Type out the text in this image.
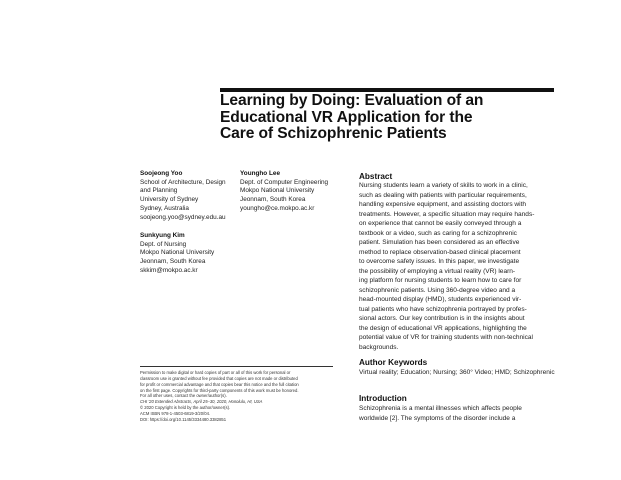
Learning by Doing: Evaluation of an
Educational VR Application for the
Care of Schizophrenic Patients
Soojeong Yoo
School of Architecture, Design
and Planning
University of Sydney
Sydney, Australia
soojeong.yoo@sydney.edu.au
Youngho Lee
Dept. of Computer Engineering
Mokpo National University
Jeonnam, South Korea
youngho@ce.mokpo.ac.kr
Sunkyung Kim
Dept. of Nursing
Mokpo National University
Jeonnam, South Korea
skkim@mokpo.ac.kr
Permission to make digital or hard copies of part or all of this work for personal or
classroom use is granted without fee provided that copies are not made or distributed
for profit or commercial advantage and that copies bear this notice and the full citation
on the first page. Copyrights for third-party components of this work must be honored.
For all other uses, contact the owner/author(s).
CHI '20 Extended Abstracts, April 25–30, 2020, Honolulu, HI, USA
© 2020 Copyright is held by the author/owner(s).
ACM ISBN 978-1-4503-6819-3/20/04.
DOI: https://doi.org/10.1145/3334480.3382851
Abstract
Nursing students learn a variety of skills to work in a clinic,
such as dealing with patients with particular requirements,
handling expensive equipment, and assisting doctors with
treatments. However, a specific situation may require hands-
on experience that cannot be easily conveyed through a
textbook or a video, such as caring for a schizophrenic
patient. Simulation has been considered as an effective
method to replace observation-based clinical placement
to overcome safety issues. In this paper, we investigate
the possibility of employing a virtual reality (VR) learn-
ing platform for nursing students to learn how to care for
schizophrenic patients. Using 360-degree video and a
head-mounted display (HMD), students experienced vir-
tual patients who have schizophrenia portrayed by profes-
sional actors. Our key contribution is in the insights about
the design of educational VR applications, highlighting the
potential value of VR for training students with non-technical
backgrounds.
Author Keywords
Virtual reality; Education; Nursing; 360° Video; HMD; Schizophrenic
Introduction
Schizophrenia is a mental illnesses which affects people
worldwide [2]. The symptoms of the disorder include a
